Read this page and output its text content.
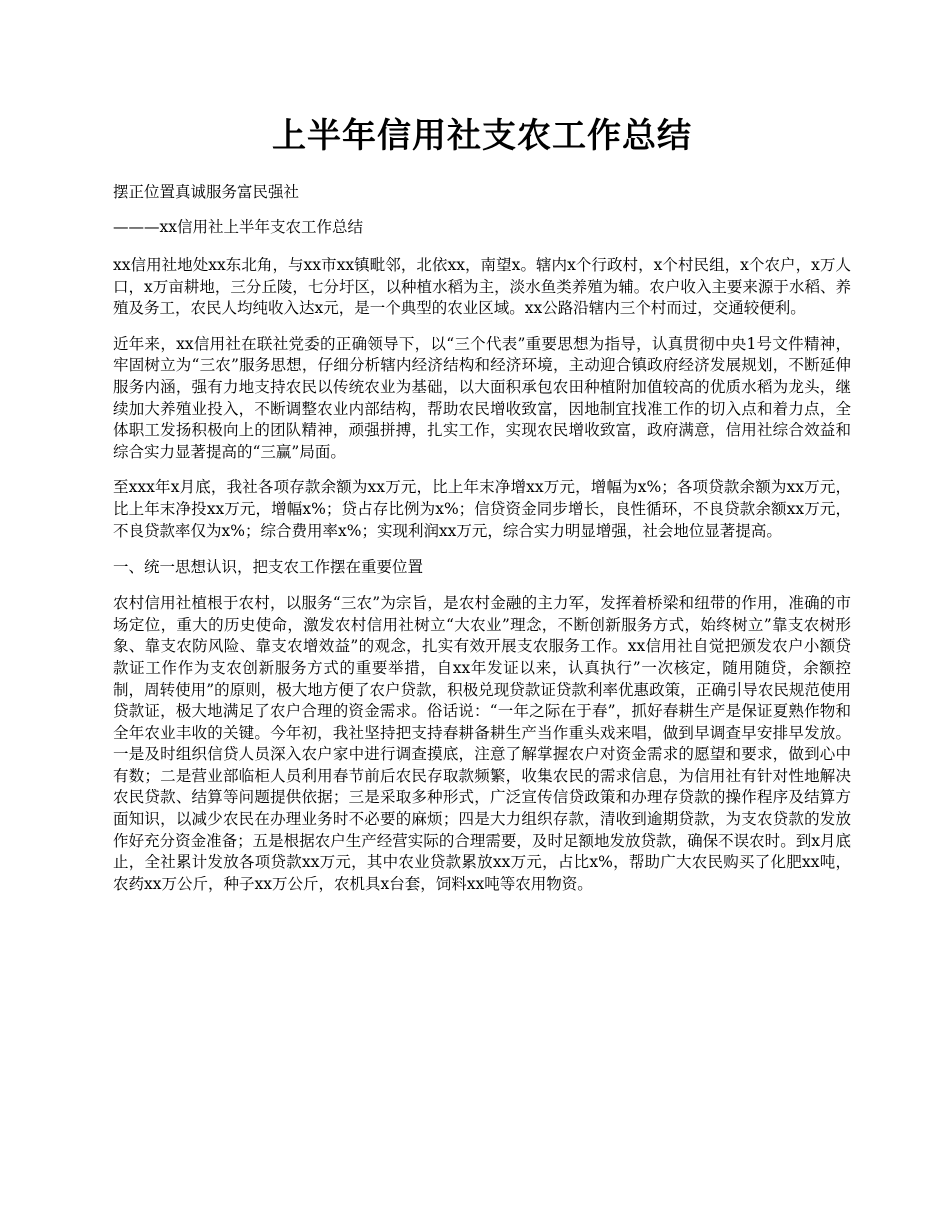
上半年信用社支农工作总结

摆正位置真诚服务富民强社

———xx信用社上半年支农工作总结

xx信用社地处xx东北角，与xx市xx镇毗邻，北依xx，南望x。辖内x个行政村，x个村民组，x个农户，x万人口，x万亩耕地，三分丘陵，七分圩区，以种植水稻为主，淡水鱼类养殖为辅。农户收入主要来源于水稻、养殖及务工，农民人均纯收入达x元，是一个典型的农业区域。xx公路沿辖内三个村而过，交通较便利。

近年来，xx信用社在联社党委的正确领导下，以“三个代表”重要思想为指导，认真贯彻中央1号文件精神，牢固树立为“三农”服务思想，仔细分析辖内经济结构和经济环境，主动迎合镇政府经济发展规划，不断延伸服务内涵，强有力地支持农民以传统农业为基础，以大面积承包农田种植附加值较高的优质水稻为龙头，继续加大养殖业投入，不断调整农业内部结构，帮助农民增收致富，因地制宜找准工作的切入点和着力点，全体职工发扬积极向上的团队精神，顽强拼搏，扎实工作，实现农民增收致富，政府满意，信用社综合效益和综合实力显著提高的“三赢”局面。

至xxx年x月底，我社各项存款余额为xx万元，比上年末净增xx万元，增幅为x%；各项贷款余额为xx万元，比上年末净投xx万元，增幅x%；贷占存比例为x%；信贷资金同步增长，良性循环，不良贷款余额xx万元，不良贷款率仅为x%；综合费用率x%；实现利润xx万元，综合实力明显增强，社会地位显著提高。

一、统一思想认识，把支农工作摆在重要位置

农村信用社植根于农村，以服务“三农”为宗旨，是农村金融的主力军，发挥着桥梁和纽带的作用，准确的市场定位，重大的历史使命，激发农村信用社树立“大农业”理念，不断创新服务方式，始终树立”靠支农树形象、靠支农防风险、靠支农增效益”的观念，扎实有效开展支农服务工作。xx信用社自觉把颁发农户小额贷款证工作作为支农创新服务方式的重要举措，自xx年发证以来，认真执行”一次核定，随用随贷，余额控制，周转使用”的原则，极大地方便了农户贷款，积极兑现贷款证贷款利率优惠政策，正确引导农民规范使用贷款证，极大地满足了农户合理的资金需求。俗话说：“一年之际在于春”，抓好春耕生产是保证夏熟作物和全年农业丰收的关键。今年初，我社坚持把支持春耕备耕生产当作重头戏来唱，做到早调查早安排早发放。一是及时组织信贷人员深入农户家中进行调查摸底，注意了解掌握农户对资金需求的愿望和要求，做到心中有数；二是营业部临柜人员利用春节前后农民存取款频繁，收集农民的需求信息，为信用社有针对性地解决农民贷款、结算等问题提供依据；三是采取多种形式，广泛宣传信贷政策和办理存贷款的操作程序及结算方面知识，以减少农民在办理业务时不必要的麻烦；四是大力组织存款，清收到逾期贷款，为支农贷款的发放作好充分资金准备；五是根据农户生产经营实际的合理需要，及时足额地发放贷款，确保不误农时。到x月底止，全社累计发放各项贷款xx万元，其中农业贷款累放xx万元，占比x%，帮助广大农民购买了化肥xx吨，农药xx万公斤，种子xx万公斤，农机具x台套，饲料xx吨等农用物资。
